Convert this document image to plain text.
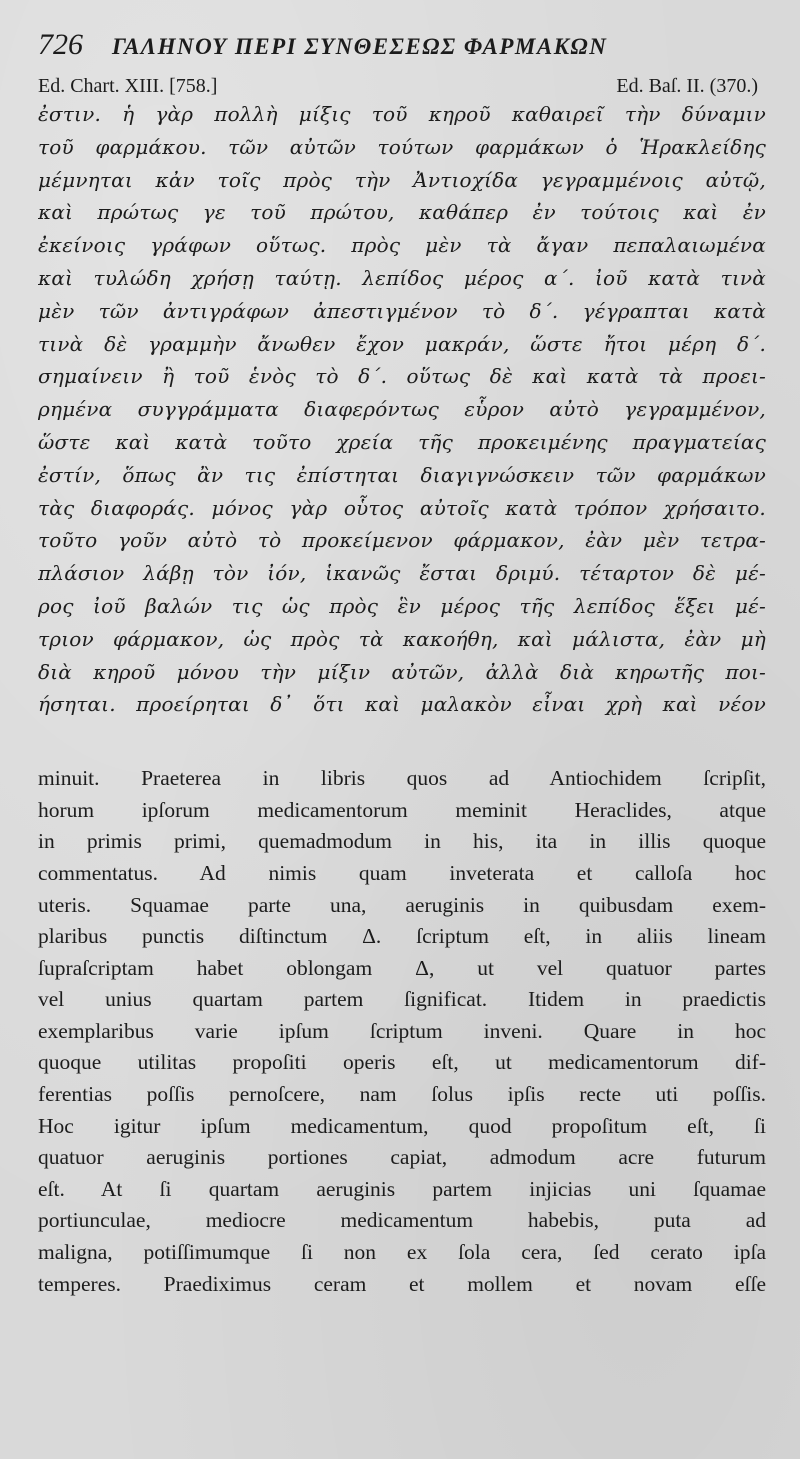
726	ΓΑΛΗΝΟΥ ΠΕΡΙ ΣΥΝΘΕΣΕΩΣ ΦΑΡΜΑΚΩΝ
Ed. Chart. XIII. [758.]	Ed. Baſ. II. (370.)
ἐστιν. ἡ γὰρ πολλὴ μίξις τοῦ κηροῦ καθαιρεῖ τὴν δύναμιν
τοῦ φαρμάκου. τῶν αὐτῶν τούτων φαρμάκων ὁ Ἡρακλείδης
μέμνηται κἀν τοῖς πρὸς τὴν Ἀντιοχίδα γεγραμμένοις αὐτῷ,
καὶ πρώτως γε τοῦ πρώτου, καθάπερ ἐν τούτοις καὶ ἐν
ἐκείνοις γράφων οὕτως. πρὸς μὲν τὰ ἄγαν πεπαλαιωμένα
καὶ τυλώδη χρήσῃ ταύτῃ. λεπίδος μέρος α΄. ἰοῦ κατὰ τινὰ
μὲν τῶν ἀντιγράφων ἀπεστιγμένον τὸ δ΄. γέγραπται κατὰ
τινὰ δὲ γραμμὴν ἄνωθεν ἔχον μακράν, ὥστε ἤτοι μέρη δ΄.
σημαίνειν ἢ τοῦ ἑνὸς τὸ δ΄. οὕτως δὲ καὶ κατὰ τὰ προει-
ρημένα συγγράμματα διαφερόντως εὗρον αὐτὸ γεγραμμένον,
ὥστε καὶ κατὰ τοῦτο χρεία τῆς προκειμένης πραγματείας
ἐστίν, ὅπως ἂν τις ἐπίστηται διαγιγνώσκειν τῶν φαρμάκων
τὰς διαφοράς. μόνος γὰρ οὗτος αὐτοῖς κατὰ τρόπον χρήσαιτο.
τοῦτο γοῦν αὐτὸ τὸ προκείμενον φάρμακον, ἐὰν μὲν τετρα-
πλάσιον λάβῃ τὸν ἰόν, ἱκανῶς ἔσται δριμύ. τέταρτον δὲ μέ-
ρος ἰοῦ βαλών τις ὡς πρὸς ἓν μέρος τῆς λεπίδος ἕξει μέ-
τριον φάρμακον, ὡς πρὸς τὰ κακοήθη, καὶ μάλιστα, ἐὰν μὴ
διὰ κηροῦ μόνου τὴν μίξιν αὐτῶν, ἀλλὰ διὰ κηρωτῆς ποι-
ήσηται. προείρηται δ᾽ ὅτι καὶ μαλακὸν εἶναι χρὴ καὶ νέον
minuit. Praeterea in libris quos ad Antiochidem ſcripſit,
horum ipſorum medicamentorum meminit Heraclides, atque
in primis primi, quemadmodum in his, ita in illis quoque
commentatus. Ad nimis quam inveterata et calloſa hoc
uteris. Squamae parte una, aeruginis in quibusdam exem-
plaribus punctis diſtinctum Δ. ſcriptum eſt, in aliis lineam
ſupraſcriptam habet oblongam Δ, ut vel quatuor partes
vel unius quartam partem ſignificat. Itidem in praedictis
exemplaribus varie ipſum ſcriptum inveni. Quare in hoc
quoque utilitas propoſiti operis eſt, ut medicamentorum dif-
ferentias poſſis pernoſcere, nam ſolus ipſis recte uti poſſis.
Hoc igitur ipſum medicamentum, quod propoſitum eſt, ſi
quatuor aeruginis portiones capiat, admodum acre futurum
eſt. At ſi quartam aeruginis partem injicias uni ſquamae
portiunculae, mediocre medicamentum habebis, puta ad
maligna, potiſſimumque ſi non ex ſola cera, ſed cerato ipſa
temperes. Praediximus ceram et mollem et novam eſſe
